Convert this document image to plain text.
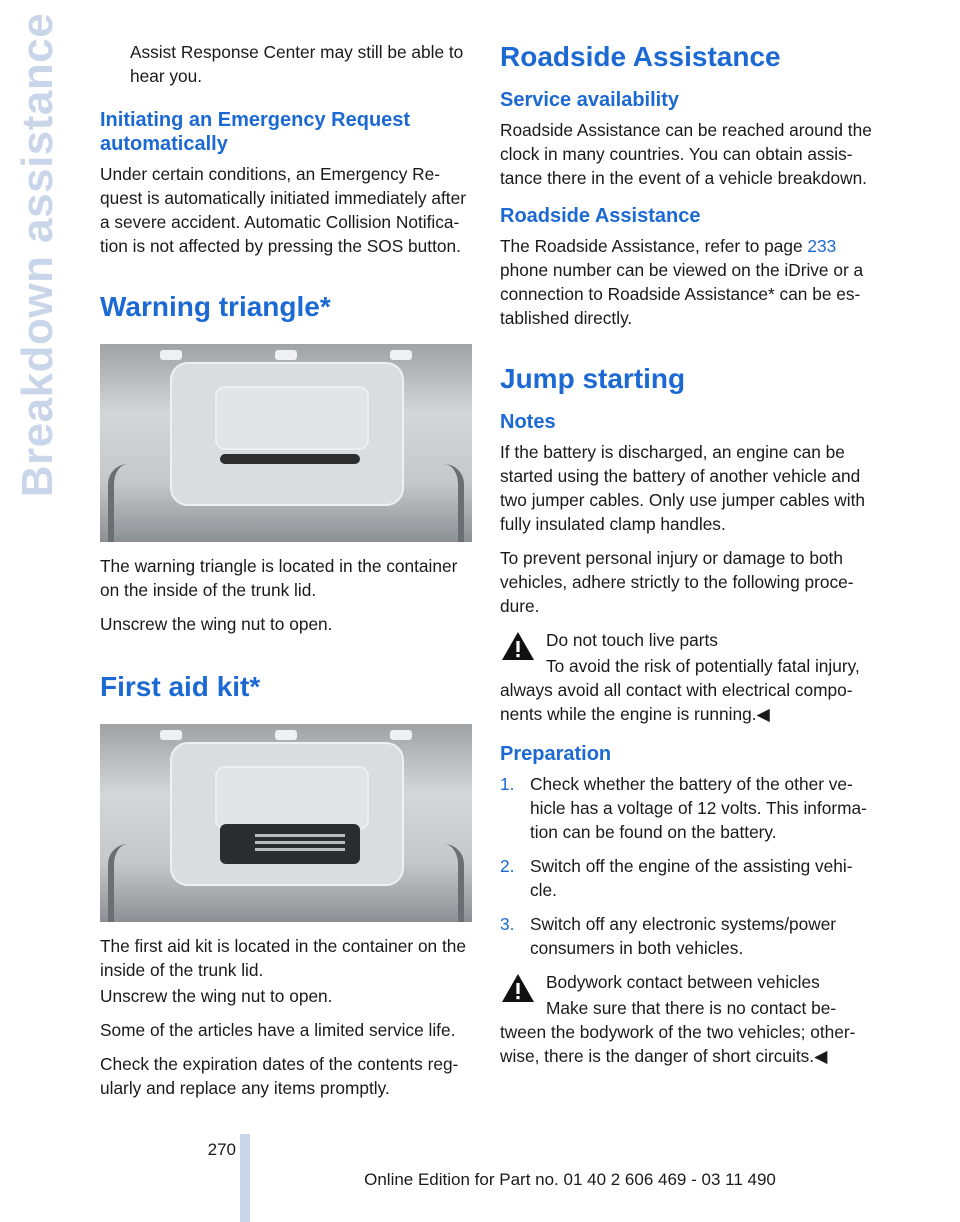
Breakdown assistance	Assist Response Center may still be able to hear you.

Initiating an Emergency Request automatically

Under certain conditions, an Emergency Re-quest is automatically initiated immediately after a severe accident. Automatic Collision Notifica-tion is not affected by pressing the SOS button.

Warning triangle*

The warning triangle is located in the container on the inside of the trunk lid.

Unscrew the wing nut to open.

First aid kit*

The first aid kit is located in the container on the inside of the trunk lid.

Unscrew the wing nut to open.

Some of the articles have a limited service life.

Check the expiration dates of the contents reg-ularly and replace any items promptly.

Roadside Assistance
Service availability

Roadside Assistance can be reached around the clock in many countries. You can obtain assis-tance there in the event of a vehicle breakdown.

Roadside Assistance

The Roadside Assistance, refer to page 233 phone number can be viewed on the iDrive or a connection to Roadside Assistance* can be es-tablished directly.

Jump starting
Notes

If the battery is discharged, an engine can be started using the battery of another vehicle and two jumper cables. Only use jumper cables with fully insulated clamp handles.

To prevent personal injury or damage to both vehicles, adhere strictly to the following proce-dure.

Do not touch live parts

To avoid the risk of potentially fatal injury, always avoid all contact with electrical compo-nents while the engine is running.◀

Preparation
1. Check whether the battery of the other ve-hicle has a voltage of 12 volts. This informa-tion can be found on the battery.
2. Switch off the engine of the assisting vehi-cle.
3. Switch off any electronic systems/power consumers in both vehicles.

Bodywork contact between vehicles

Make sure that there is no contact be-tween the bodywork of the two vehicles; other-wise, there is the danger of short circuits.◀

270
Online Edition for Part no. 01 40 2 606 469 - 03 11 490
